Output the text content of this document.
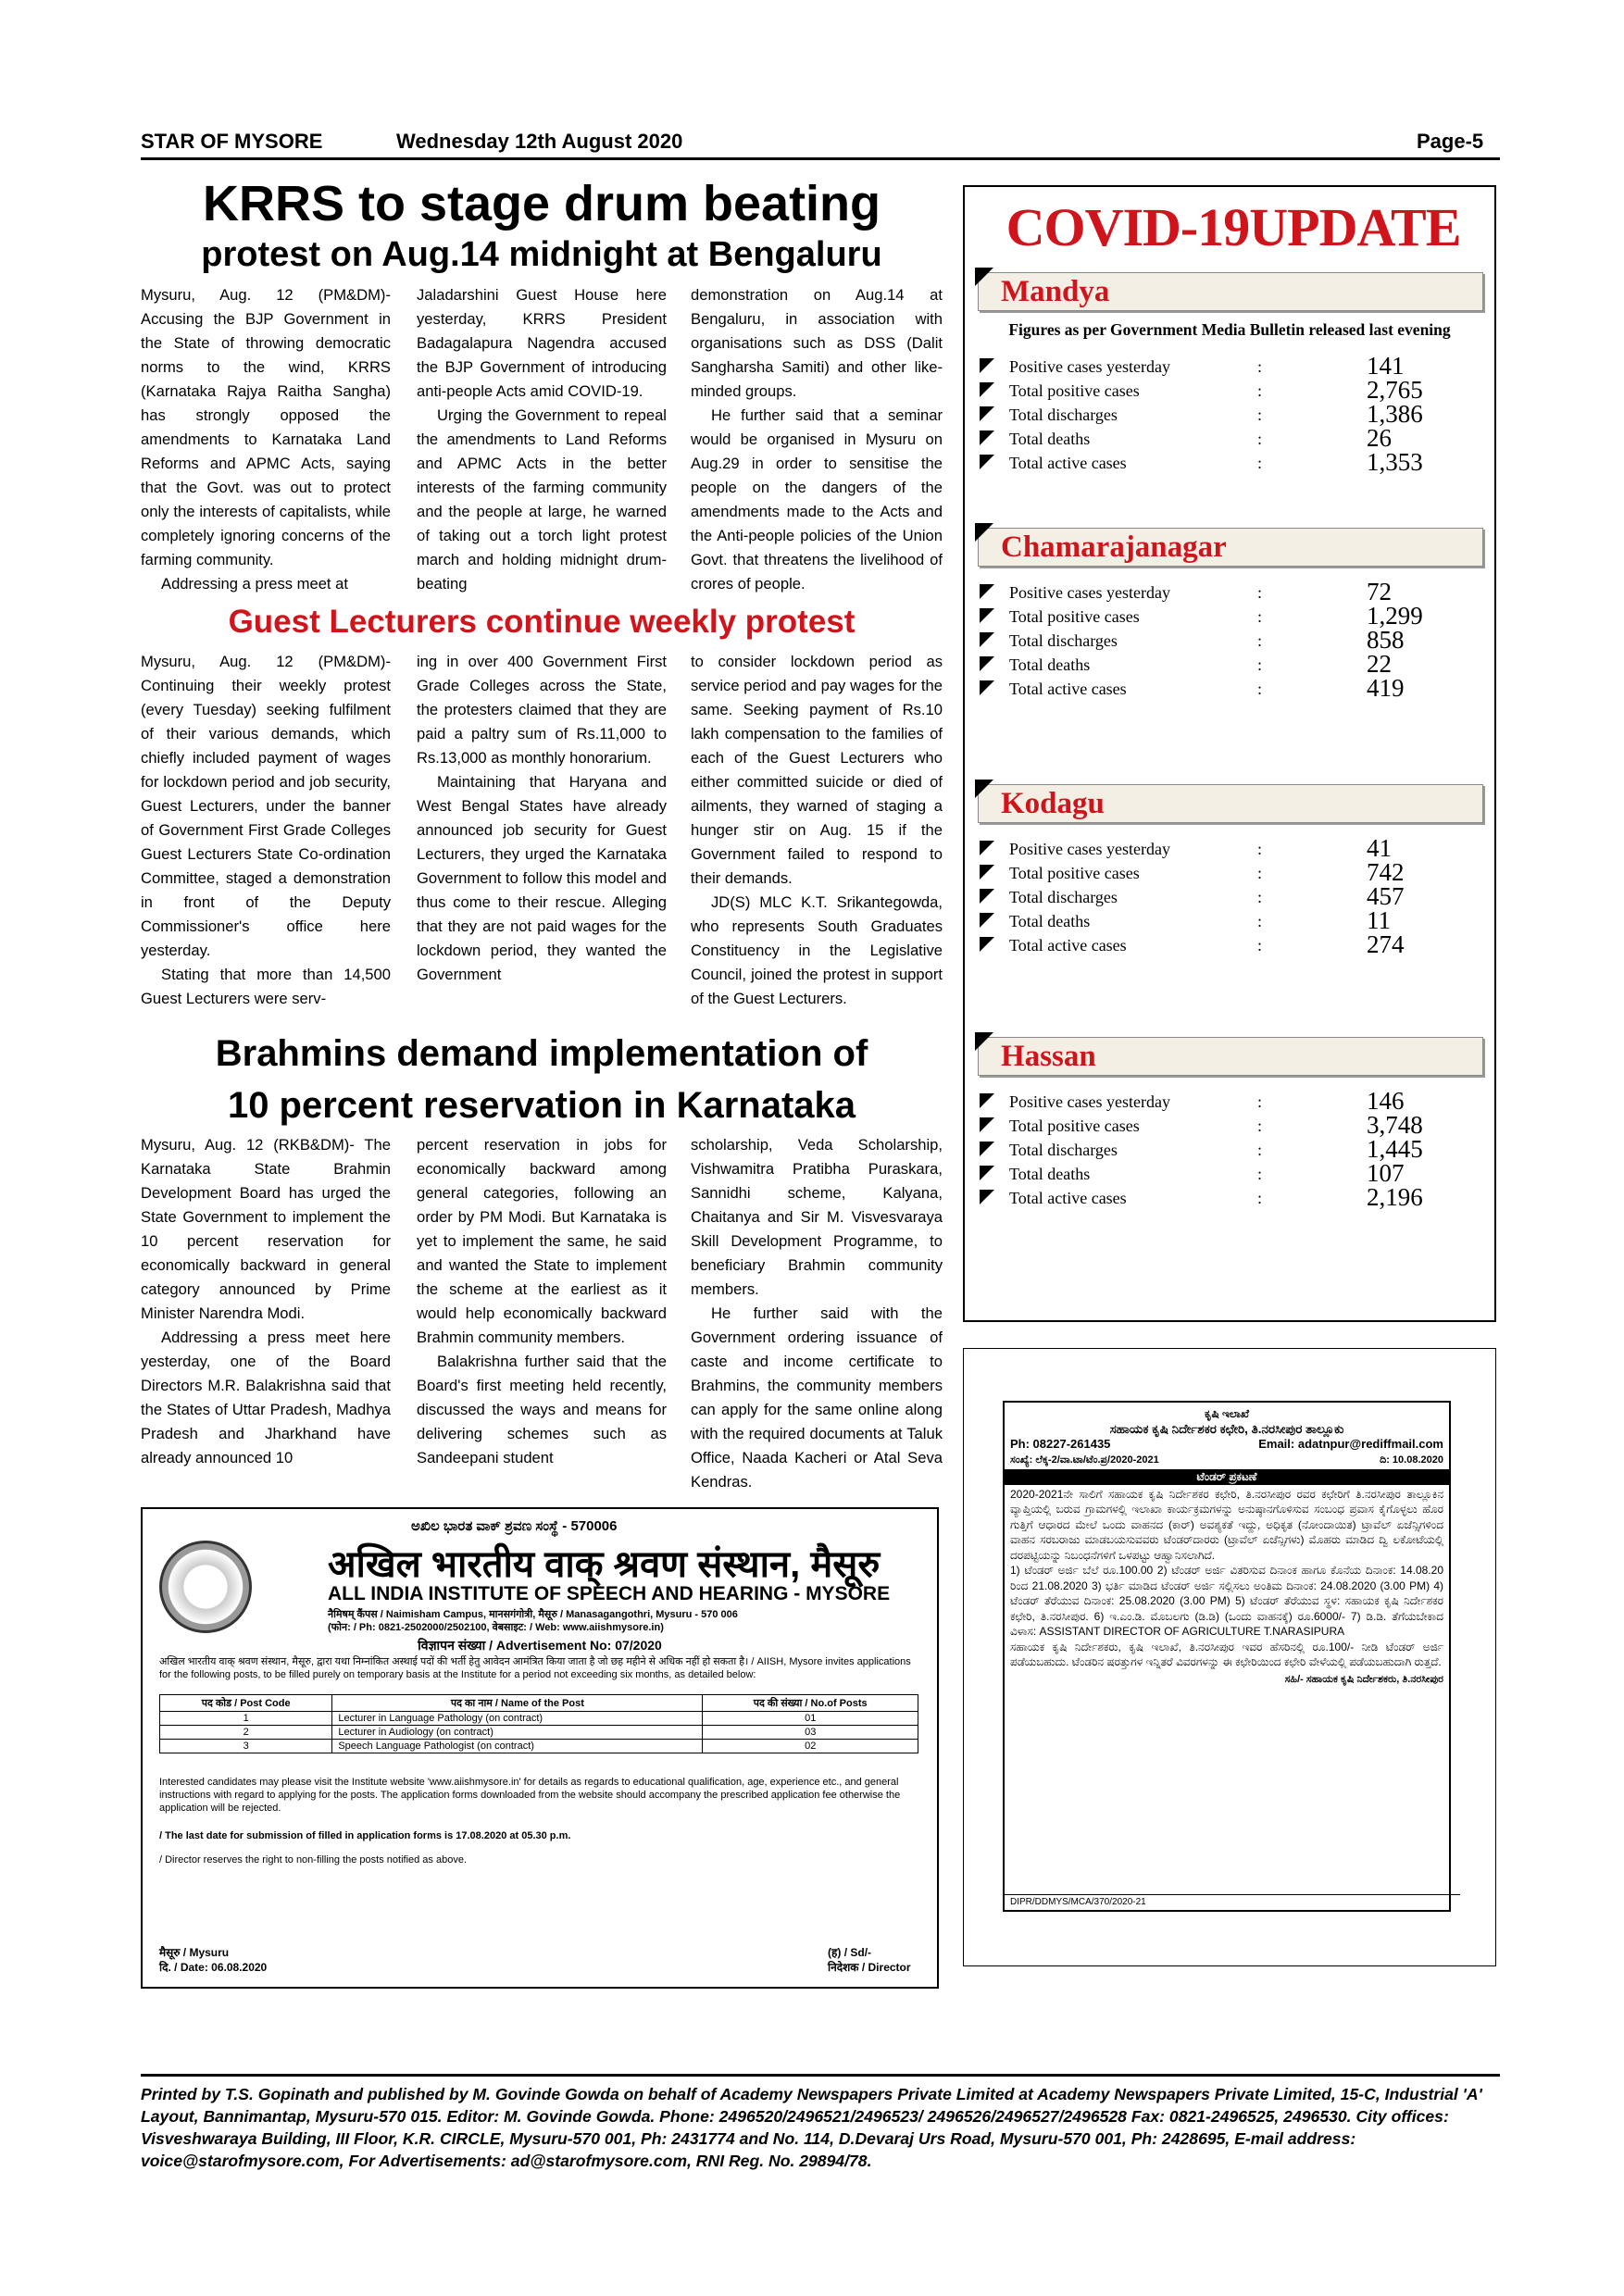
STAR OF MYSORE	Wednesday 12th August 2020	Page-5
KRRS to stage drum beating
protest on Aug.14 midnight at Bengaluru

Mysuru, Aug. 12 (PM&DM)- Accusing the BJP Government in the State of throwing democratic norms to the wind, KRRS (Karnataka Rajya Raitha Sangha) has strongly opposed the amendments to Karnataka Land Reforms and APMC Acts, saying that the Govt. was out to protect only the interests of capitalists, while completely ignoring concerns of the farming community.

Addressing a press meet at

Jaladarshini Guest House here yesterday, KRRS President Badagalapura Nagendra accused the BJP Government of introducing anti-people Acts amid COVID-19.

Urging the Government to repeal the amendments to Land Reforms and APMC Acts in the better interests of the farming community and the people at large, he warned of taking out a torch light protest march and holding midnight drum-beating

demonstration on Aug.14 at Bengaluru, in association with organisations such as DSS (Dalit Sangharsha Samiti) and other like-minded groups.

He further said that a seminar would be organised in Mysuru on Aug.29 in order to sensitise the people on the dangers of the amendments made to the Acts and the Anti-people policies of the Union Govt. that threatens the livelihood of crores of people.

Guest Lecturers continue weekly protest

Mysuru, Aug. 12 (PM&DM)- Continuing their weekly protest (every Tuesday) seeking fulfilment of their various demands, which chiefly included payment of wages for lockdown period and job security, Guest Lecturers, under the banner of Government First Grade Colleges Guest Lecturers State Co-ordination Committee, staged a demonstration in front of the Deputy Commissioner's office here yesterday.

Stating that more than 14,500 Guest Lecturers were serv-

ing in over 400 Government First Grade Colleges across the State, the protesters claimed that they are paid a paltry sum of Rs.11,000 to Rs.13,000 as monthly honorarium.

Maintaining that Haryana and West Bengal States have already announced job security for Guest Lecturers, they urged the Karnataka Government to follow this model and thus come to their rescue. Alleging that they are not paid wages for the lockdown period, they wanted the Government

to consider lockdown period as service period and pay wages for the same. Seeking payment of Rs.10 lakh compensation to the families of each of the Guest Lecturers who either committed suicide or died of ailments, they warned of staging a hunger stir on Aug. 15 if the Government failed to respond to their demands.

JD(S) MLC K.T. Srikantegowda, who represents South Graduates Constituency in the Legislative Council, joined the protest in support of the Guest Lecturers.

Brahmins demand implementation of
10 percent reservation in Karnataka

Mysuru, Aug. 12 (RKB&DM)- The Karnataka State Brahmin Development Board has urged the State Government to implement the 10 percent reservation for economically backward in general category announced by Prime Minister Narendra Modi.

Addressing a press meet here yesterday, one of the Board Directors M.R. Balakrishna said that the States of Uttar Pradesh, Madhya Pradesh and Jharkhand have already announced 10

percent reservation in jobs for economically backward among general categories, following an order by PM Modi. But Karnataka is yet to implement the same, he said and wanted the State to implement the scheme at the earliest as it would help economically backward Brahmin community members.

Balakrishna further said that the Board's first meeting held recently, discussed the ways and means for delivering schemes such as Sandeepani student

scholarship, Veda Scholarship, Vishwamitra Pratibha Puraskara, Sannidhi scheme, Kalyana, Chaitanya and Sir M. Visvesvaraya Skill Development Programme, to beneficiary Brahmin community members.

He further said with the Government ordering issuance of caste and income certificate to Brahmins, the community members can apply for the same online along with the required documents at Taluk Office, Naada Kacheri or Atal Seva Kendras.

COVID-19UPDATE
Mandya
Figures as per Government Media Bulletin released last evening
Positive cases yesterday	:	141
Total positive cases	:	2,765
Total discharges	:	1,386
Total deaths	:	26
Total active cases	:	1,353
Chamarajanagar
Positive cases yesterday	:	72
Total positive cases	:	1,299
Total discharges	:	858
Total deaths	:	22
Total active cases	:	419
Kodagu
Positive cases yesterday	:	41
Total positive cases	:	742
Total discharges	:	457
Total deaths	:	11
Total active cases	:	274
Hassan
Positive cases yesterday	:	146
Total positive cases	:	3,748
Total discharges	:	1,445
Total deaths	:	107
Total active cases	:	2,196
ಅಖಿಲ ಭಾರತ ವಾಕ್ ಶ್ರವಣ ಸಂಸ್ಥೆ - 570006
अखिल भारतीय वाक् श्रवण संस्थान, मैसूरु
ALL INDIA INSTITUTE OF SPEECH AND HEARING - MYSORE
नैमिषम् कैंपस / Naimisham Campus, मानसगंगोत्री, मैसूरु / Manasagangothri, Mysuru - 570 006
(फोन: / Ph: 0821-2502000/2502100, वेबसाइट: / Web: www.aiishmysore.in)
विज्ञापन संख्या / Advertisement No: 07/2020
अखिल भारतीय वाक् श्रवण संस्थान, मैसूरु, द्वारा यथा निम्नांकित अस्थाई पदों की भर्ती हेतु आवेदन आमंत्रित किया जाता है जो छह महीने से अधिक नहीं हो सकता है। / AIISH, Mysore invites applications for the following posts, to be filled purely on temporary basis at the Institute for a period not exceeding six months, as detailed below:
पद कोड / Post Code	पद का नाम / Name of the Post	पद की संख्या / No.of Posts
1	Lecturer in Language Pathology (on contract)	01
2	Lecturer in Audiology (on contract)	03
3	Speech Language Pathologist (on contract)	02
Interested candidates may please visit the Institute website 'www.aiishmysore.in' for details as regards to educational qualification, age, experience etc., and general instructions with regard to applying for the posts. The application forms downloaded from the website should accompany the prescribed application fee otherwise the application will be rejected.
/ The last date for submission of filled in application forms is 17.08.2020 at 05.30 p.m.
/ Director reserves the right to non-filling the posts notified as above.
मैसूरु / Mysuru
दि. / Date: 06.08.2020
(ह) / Sd/-
निदेशक / Director
ಕೃಷಿ ಇಲಾಖೆ
ಸಹಾಯಕ ಕೃಷಿ ನಿರ್ದೇಶಕರ ಕಛೇರಿ, ತಿ.ನರಸೀಪುರ ತಾಲ್ಲೂಕು
Ph: 08227-261435	Email: adatnpur@rediffmail.com
ಸಂಖ್ಯೆ: ಲೆಕ್ಕ-2/ವಾ.ಟಾ/ಟೆಂ.ಪ್ರ/2020-2021	ದಿ: 10.08.2020
ಟೆಂಡರ್ ಪ್ರಕಟಣೆ
2020-2021ನೇ ಸಾಲಿಗೆ ಸಹಾಯಕ ಕೃಷಿ ನಿರ್ದೇಶಕರ ಕಛೇರಿ, ತಿ.ನರಸೀಪುರ ರವರ ಕಛೇರಿಗೆ ತಿ.ನರಸೀಪುರ ತಾಲ್ಲೂಕಿನ ವ್ಯಾಪ್ತಿಯಲ್ಲಿ ಬರುವ ಗ್ರಾಮಗಳಲ್ಲಿ ಇಲಾಖಾ ಕಾರ್ಯಕ್ರಮಗಳನ್ನು ಅನುಷ್ಠಾನಗೊಳಿಸುವ ಸಂಬಂಧ ಪ್ರವಾಸ ಕೈಗೊಳ್ಳಲು ಹೊರ ಗುತ್ತಿಗೆ ಆಧಾರದ ಮೇಲೆ ಒಂದು ವಾಹನದ (ಕಾರ್) ಅವಶ್ಯಕತೆ ಇದ್ದು, ಅಧಿಕೃತ (ನೋಂದಾಯಿತ) ಟ್ರಾವೆಲ್ ಏಜೆನ್ಸಿಗಳಿಂದ ವಾಹನ ಸರಬರಾಜು ಮಾಡಬಯಸುವವರು ಟೆಂಡರ್‌ದಾರರು (ಟ್ರಾವೆಲ್ ಏಜೆನ್ಸಿಗಳು) ಮೊಹರು ಮಾಡಿದ ದ್ವಿ ಲಕೋಟೆಯಲ್ಲಿ ದರಪಟ್ಟಿಯನ್ನು ನಿಬಂಧನೆಗಳಿಗೆ ಒಳಪಟ್ಟು ಆಹ್ವಾನಿಸಲಾಗಿದೆ.
1) ಟೆಂಡರ್ ಅರ್ಜಿ ಬೆಲೆ ರೂ.100.00 2) ಟೆಂಡರ್ ಅರ್ಜಿ ವಿತರಿಸುವ ದಿನಾಂಕ ಹಾಗೂ ಕೊನೆಯ ದಿನಾಂಕ: 14.08.20 ರಿಂದ 21.08.2020 3) ಭರ್ತಿ ಮಾಡಿದ ಟೆಂಡರ್ ಅರ್ಜಿ ಸಲ್ಲಿಸಲು ಅಂತಿಮ ದಿನಾಂಕ: 24.08.2020 (3.00 PM) 4) ಟೆಂಡರ್ ತೆರೆಯುವ ದಿನಾಂಕ: 25.08.2020 (3.00 PM) 5) ಟೆಂಡರ್ ತೆರೆಯುವ ಸ್ಥಳ: ಸಹಾಯಕ ಕೃಷಿ ನಿರ್ದೇಶಕರ ಕಛೇರಿ, ತಿ.ನರಸೀಪುರ. 6) ಇ.ಎಂ.ಡಿ. ಮೊಬಲಗು (ಡಿ.ಡಿ) (ಒಂದು ವಾಹನಕ್ಕೆ) ರೂ.6000/- 7) ಡಿ.ಡಿ. ತೆಗೆಯಬೇಕಾದ ವಿಳಾಸ: ASSISTANT DIRECTOR OF AGRICULTURE T.NARASIPURA
ಸಹಾಯಕ ಕೃಷಿ ನಿರ್ದೇಶಕರು, ಕೃಷಿ ಇಲಾಖೆ, ತಿ.ನರಸೀಪುರ ಇವರ ಹೆಸರಿನಲ್ಲಿ ರೂ.100/- ನೀಡಿ ಟೆಂಡರ್ ಅರ್ಜಿ ಪಡೆಯಬಹುದು. ಟೆಂಡರಿನ ಷರತ್ತುಗಳ ಇನ್ನಿತರೆ ವಿವರಗಳನ್ನು ಈ ಕಛೇರಿಯಿಂದ ಕಛೇರಿ ವೇಳೆಯಲ್ಲಿ ಪಡೆಯಬಹುದಾಗಿ ರುತ್ತದೆ.
ಸಹಿ/- ಸಹಾಯಕ ಕೃಷಿ ನಿರ್ದೇಶಕರು, ತಿ.ನರಸೀಪುರ
DIPR/DDMYS/MCA/370/2020-21
Printed by T.S. Gopinath and published by M. Govinde Gowda on behalf of Academy Newspapers Private Limited at Academy Newspapers Private Limited, 15-C, Industrial 'A' Layout, Bannimantap, Mysuru-570 015. Editor: M. Govinde Gowda. Phone: 2496520/2496521/2496523/ 2496526/2496527/2496528 Fax: 0821-2496525, 2496530. City offices: Visveshwaraya Building, III Floor, K.R. CIRCLE, Mysuru-570 001, Ph: 2431774 and No. 114, D.Devaraj Urs Road, Mysuru-570 001, Ph: 2428695, E-mail address: voice@starofmysore.com, For Advertisements: ad@starofmysore.com, RNI Reg. No. 29894/78.
